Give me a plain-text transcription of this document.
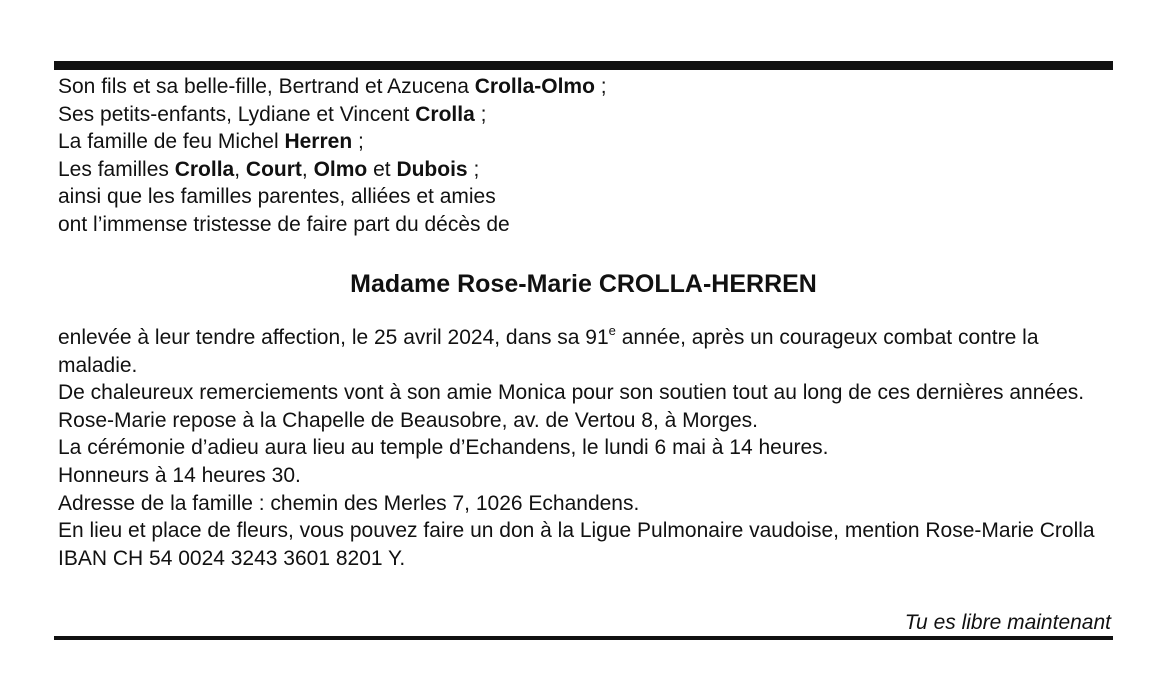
Son fils et sa belle-fille, Bertrand et Azucena Crolla-Olmo ;
Ses petits-enfants, Lydiane et Vincent Crolla ;
La famille de feu Michel Herren ;
Les familles Crolla, Court, Olmo et Dubois ;
ainsi que les familles parentes, alliées et amies
ont l’immense tristesse de faire part du décès de
Madame Rose-Marie CROLLA-HERREN
enlevée à leur tendre affection, le 25 avril 2024, dans sa 91e année, après un courageux combat contre la maladie.
De chaleureux remerciements vont à son amie Monica pour son soutien tout au long de ces dernières années.
Rose-Marie repose à la Chapelle de Beausobre, av. de Vertou 8, à Morges.
La cérémonie d’adieu aura lieu au temple d’Echandens, le lundi 6 mai à 14 heures.
Honneurs à 14 heures 30.
Adresse de la famille : chemin des Merles 7, 1026 Echandens.
En lieu et place de fleurs, vous pouvez faire un don à la Ligue Pulmonaire vaudoise, mention Rose-Marie Crolla IBAN CH 54 0024 3243 3601 8201 Y.
Tu es libre maintenant
